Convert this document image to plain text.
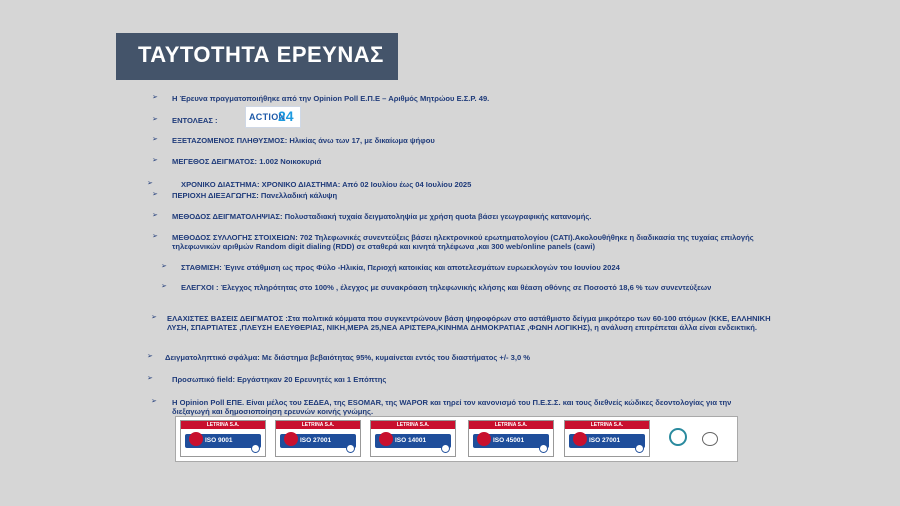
ΤΑΥΤΟΤΗΤΑ ΕΡΕΥΝΑΣ
➢ Η Έρευνα πραγματοποιήθηκε από την Opinion Poll Ε.Π.Ε – Αριθμός Μητρώου Ε.Σ.Ρ. 49.
➢ ΕΝΤΟΛΕΑΣ :	ACTION
24
➢ ΕΞΕΤΑΖΟΜΕΝΟΣ ΠΛΗΘΥΣΜΟΣ: Ηλικίας άνω των 17, με δικαίωμα ψήφου
➢ ΜΕΓΕΘΟΣ ΔΕΙΓΜΑΤΟΣ: 1.002 Νοικοκυριά
➢	ΧΡΟΝΙΚΟ ΔΙΑΣΤΗΜΑ: ΧΡΟΝΙΚΟ ΔΙΑΣΤΗΜΑ: Από 02 Ιουλίου έως 04 Ιουλίου 2025
➢ ΠΕΡΙΟΧΗ ΔΙΕΞΑΓΩΓΗΣ: Πανελλαδική κάλυψη
➢ ΜΕΘΟΔΟΣ ΔΕΙΓΜΑΤΟΛΗΨΙΑΣ: Πολυσταδιακή τυχαία δειγματοληψία με χρήση quota βάσει γεωγραφικής κατανομής.
➢ ΜΕΘΟΔΟΣ ΣΥΛΛΟΓΗΣ ΣΤΟΙΧΕΙΩΝ: 702 Τηλεφωνικές συνεντεύξεις βάσει ηλεκτρονικού ερωτηματολογίου (CATI).Ακολουθήθηκε η διαδικασία της τυχαίας επιλογής τηλεφωνικών αριθμών Random digit dialing (RDD) σε σταθερά και κινητά τηλέφωνα ,και 300 web/online panels (cawi)
➢ ΣΤΑΘΜΙΣΗ: Έγινε στάθμιση ως προς Φύλο -Ηλικία, Περιοχή κατοικίας και αποτελεσμάτων ευρωεκλογών του Ιουνίου 2024
➢ ΕΛΕΓΧΟΙ : Έλεγχος πληρότητας στο 100% , έλεγχος με συνακρόαση τηλεφωνικής κλήσης και θέαση οθόνης σε Ποσοστό 18,6 % των συνεντεύξεων
➢ ΕΛΑΧΙΣΤΕΣ ΒΑΣΕΙΣ ΔΕΙΓΜΑΤΟΣ :Στα πολιτικά κόμματα που συγκεντρώνουν βάση ψηφοφόρων στο αστάθμιστο δείγμα μικρότερο των 60-100 ατόμων (ΚΚΕ, ΕΛΛΗΝΙΚΗ ΛΥΣΗ, ΣΠΑΡΤΙΑΤΕΣ ,ΠΛΕΥΣΗ ΕΛΕΥΘΕΡΙΑΣ, ΝΙΚΗ,ΜΕΡΑ 25,ΝΕΑ ΑΡΙΣΤΕΡΑ,ΚΙΝΗΜΑ ΔΗΜΟΚΡΑΤΙΑΣ ,ΦΩΝΗ ΛΟΓΙΚΗΣ), η ανάλυση επιτρέπεται άλλα είναι ενδεικτική.
➢ Δειγματοληπτικό σφάλμα: Με διάστημα βεβαιότητας 95%, κυμαίνεται εντός του διαστήματος +/- 3,0 %
➢	Προσωπικό field: Εργάστηκαν 20 Ερευνητές και 1 Επόπτης
➢ Η Opinion Poll ΕΠΕ. Είναι μέλος του ΣΕΔΕΑ, της ESOMAR, της WAPOR και τηρεί τον κανονισμό του Π.Ε.Σ.Σ. και τους διεθνείς κώδικες δεοντολογίας για την διεξαγωγή και δημοσιοποίηση ερευνών κοινής γνώμης.
LETRINA S.A.
ISO 9001
LETRINA S.A.
ISO 27001
LETRINA S.A.
ISO 14001
LETRINA S.A.
ISO 45001
LETRINA S.A.
ISO 27001
